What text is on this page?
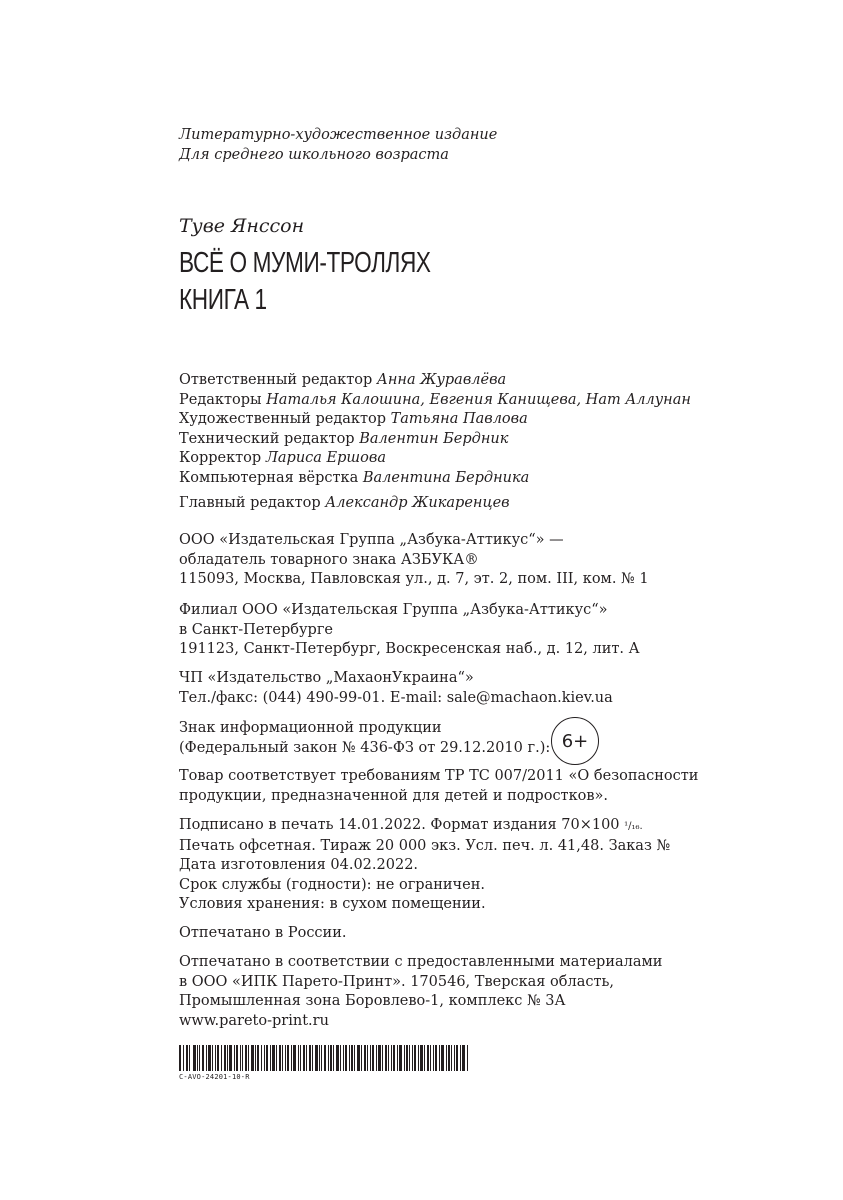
Литературно-художественное издание
Для среднего школьного возраста
Туве Янссон
ВСЁ О МУМИ-ТРОЛЛЯХ
КНИГА 1
Ответственный редактор Анна Журавлёва
Редакторы Наталья Калошина, Евгения Канищева, Нат Аллунан
Художественный редактор Татьяна Павлова
Технический редактор Валентин Бердник
Корректор Лариса Ершова
Компьютерная вёрстка Валентина Бердника
Главный редактор Александр Жикаренцев
ООО «Издательская Группа „Азбука-Аттикус“» —
обладатель товарного знака АЗБУКА®
115093, Москва, Павловская ул., д. 7, эт. 2, пом. III, ком. № 1
Филиал ООО «Издательская Группа „Азбука-Аттикус“»
в Санкт-Петербурге
191123, Санкт-Петербург, Воскресенская наб., д. 12, лит. А
ЧП «Издательство „МахаонУкраина“»
Тел./факс: (044) 490-99-01. E-mail: sale@machaon.kiev.ua
Знак информационной продукции
(Федеральный закон № 436-ФЗ от 29.12.2010 г.): 6+
Товар соответствует требованиям ТР ТС 007/2011 «О безопасности
продукции, предназначенной для детей и подростков».
Подписано в печать 14.01.2022. Формат издания 70×100 ¹/₁₆.
Печать офсетная. Тираж 20 000 экз. Усл. печ. л. 41,48. Заказ №
Дата изготовления 04.02.2022.
Срок службы (годности): не ограничен.
Условия хранения: в сухом помещении.
Отпечатано в России.
Отпечатано в соответствии с предоставленными материалами
в ООО «ИПК Парето-Принт». 170546, Тверская область,
Промышленная зона Боровлево-1, комплекс № 3А
www.pareto-print.ru
C-AVO-24201-10-R
